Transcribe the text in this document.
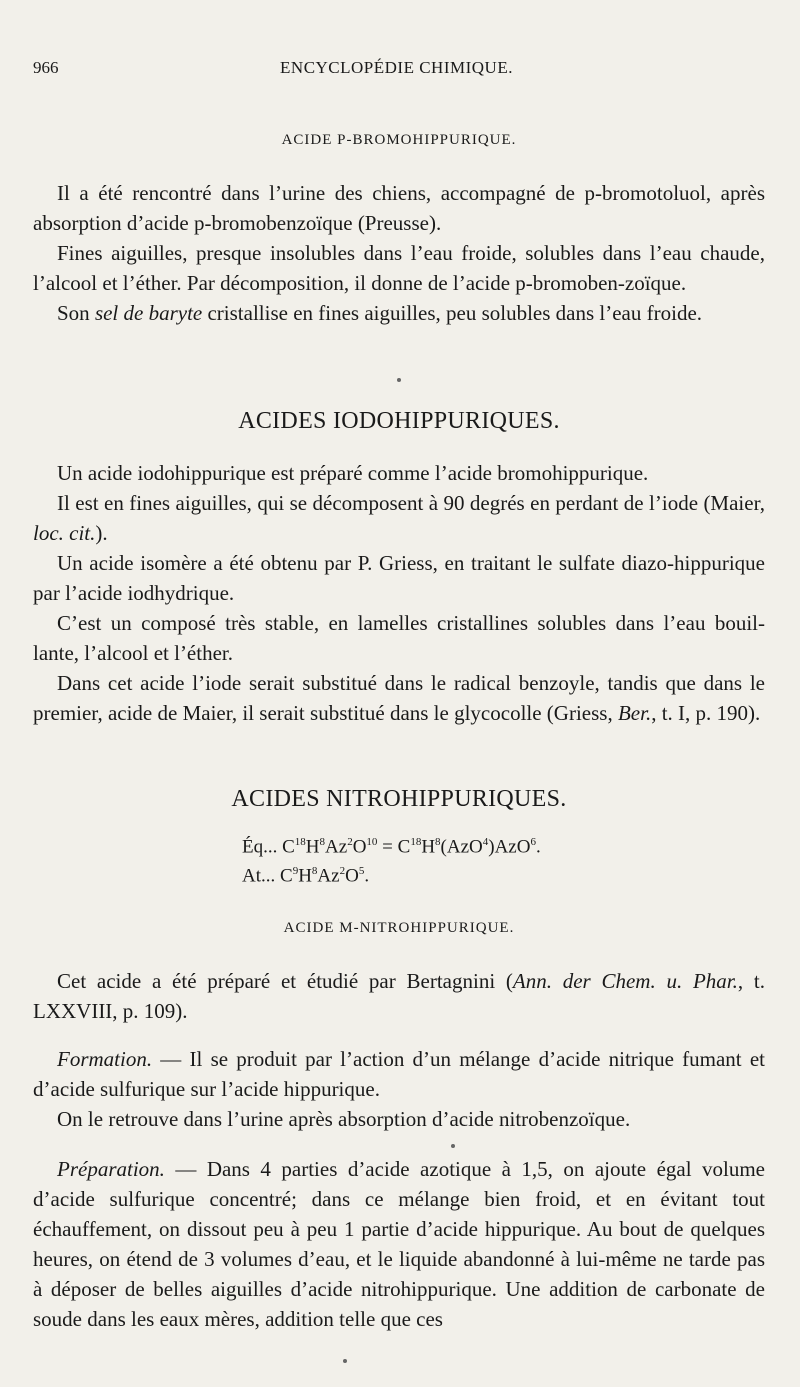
966	ENCYCLOPÉDIE CHIMIQUE.
ACIDE P-BROMOHIPPURIQUE.

Il a été rencontré dans l’urine des chiens, accompagné de p-bromotoluol, après absorption d’acide p-bromobenzoïque (Preusse).

Fines aiguilles, presque insolubles dans l’eau froide, solubles dans l’eau chaude, l’alcool et l’éther. Par décomposition, il donne de l’acide p-bromoben-zoïque.

Son sel de baryte cristallise en fines aiguilles, peu solubles dans l’eau froide.

ACIDES IODOHIPPURIQUES.

Un acide iodohippurique est préparé comme l’acide bromohippurique.

Il est en fines aiguilles, qui se décomposent à 90 degrés en perdant de l’iode (Maier, loc. cit.).

Un acide isomère a été obtenu par P. Griess, en traitant le sulfate diazo-hippurique par l’acide iodhydrique.

C’est un composé très stable, en lamelles cristallines solubles dans l’eau bouil-lante, l’alcool et l’éther.

Dans cet acide l’iode serait substitué dans le radical benzoyle, tandis que dans le premier, acide de Maier, il serait substitué dans le glycocolle (Griess, Ber., t. I, p. 190).

ACIDES NITROHIPPURIQUES.
Éq... $C^{18}H^8Az^2O^{10} = C^{18}H^8(AzO^4)AzO^6$.
At... $C^9H^8Az^2O^5$.
ACIDE M-NITROHIPPURIQUE.

Cet acide a été préparé et étudié par Bertagnini (Ann. der Chem. u. Phar., t. LXXVIII, p. 109).

Formation. — Il se produit par l’action d’un mélange d’acide nitrique fumant et d’acide sulfurique sur l’acide hippurique.

On le retrouve dans l’urine après absorption d’acide nitrobenzoïque.

Préparation. — Dans 4 parties d’acide azotique à 1,5, on ajoute égal volume d’acide sulfurique concentré; dans ce mélange bien froid, et en évitant tout échauffement, on dissout peu à peu 1 partie d’acide hippurique. Au bout de quelques heures, on étend de 3 volumes d’eau, et le liquide abandonné à lui-même ne tarde pas à déposer de belles aiguilles d’acide nitrohippurique. Une addition de carbonate de soude dans les eaux mères, addition telle que ces
